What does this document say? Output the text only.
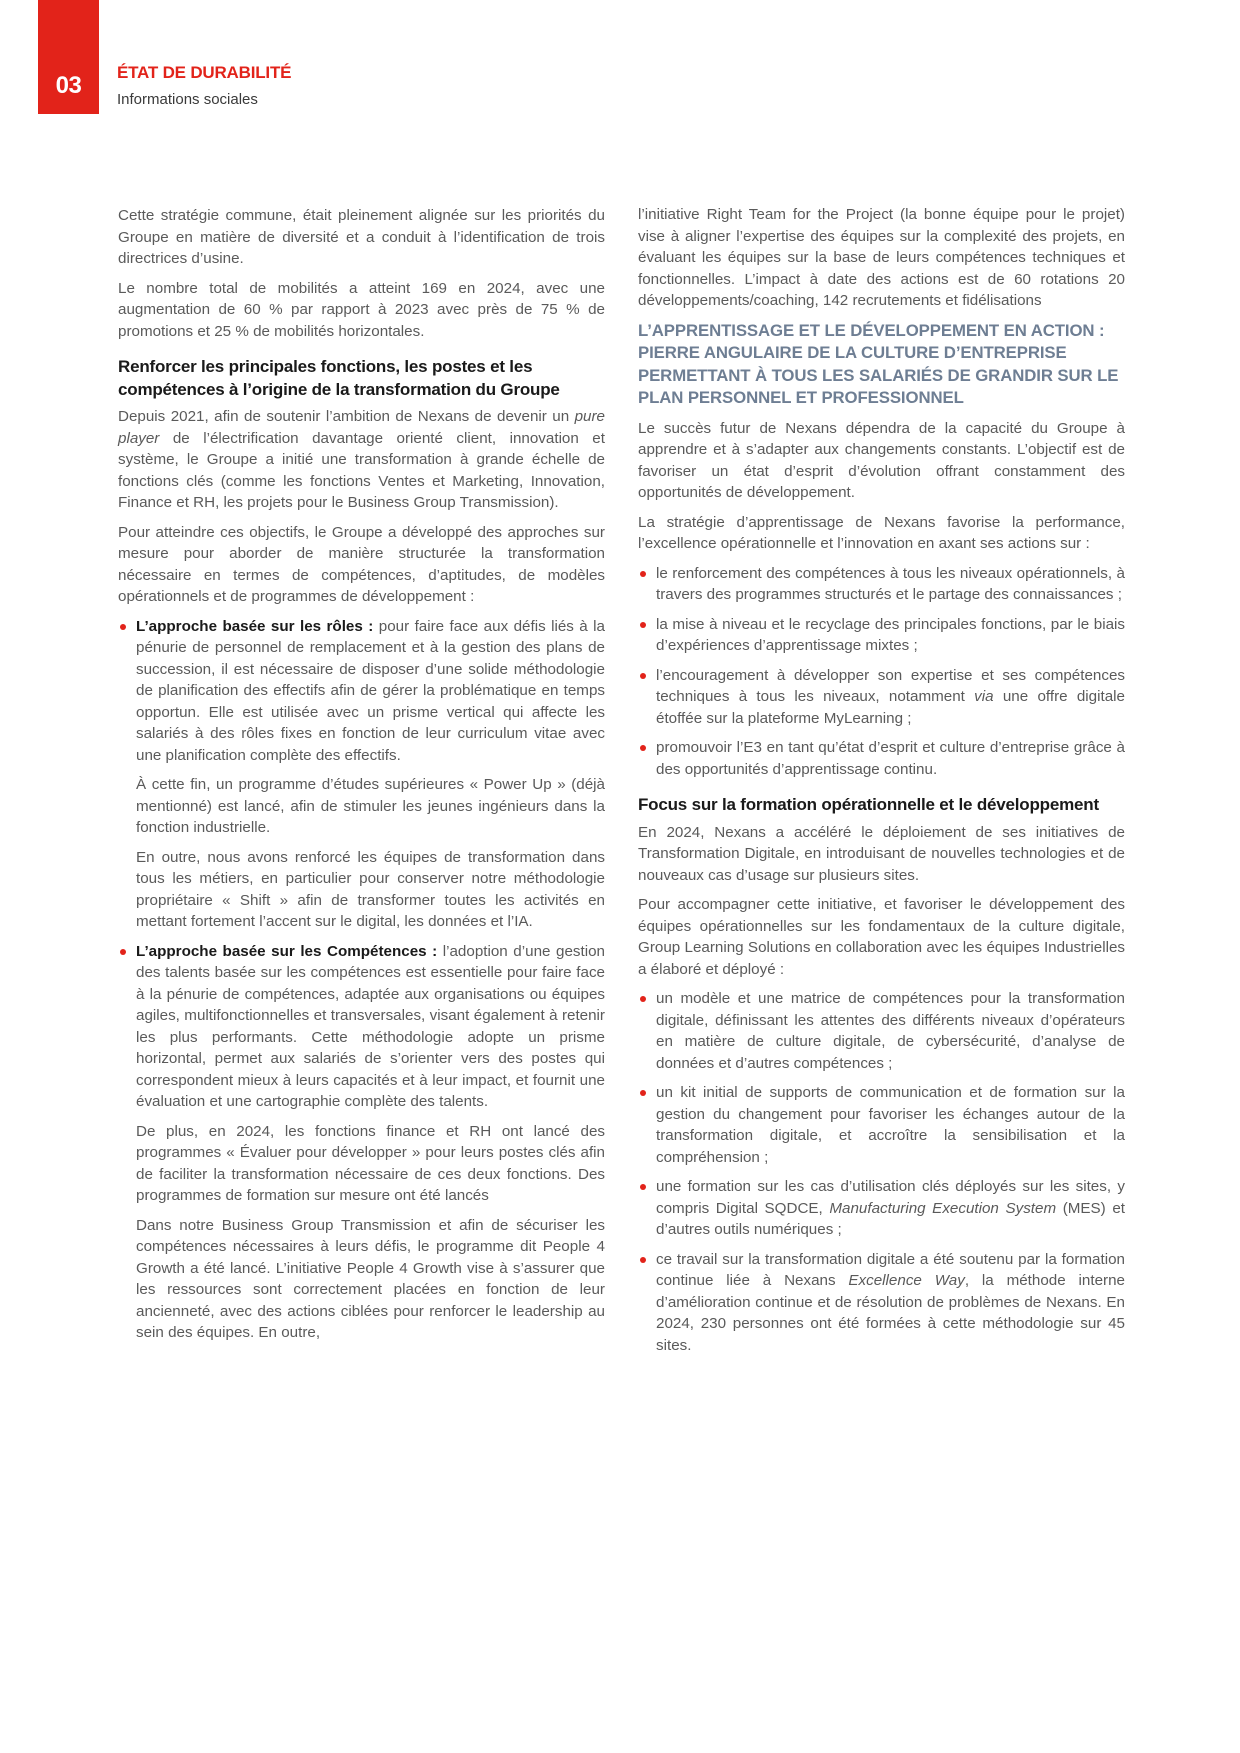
03	ÉTAT DE DURABILITÉ
Informations sociales

Cette stratégie commune, était pleinement alignée sur les priorités du Groupe en matière de diversité et a conduit à l’identification de trois directrices d’usine.

Le nombre total de mobilités a atteint 169 en 2024, avec une augmentation de 60 % par rapport à 2023 avec près de 75 % de promotions et 25 % de mobilités horizontales.

Renforcer les principales fonctions, les postes et les compétences à l’origine de la transformation du Groupe

Depuis 2021, afin de soutenir l’ambition de Nexans de devenir un pure player de l’électrification davantage orienté client, innovation et système, le Groupe a initié une transformation à grande échelle de fonctions clés (comme les fonctions Ventes et Marketing, Innovation, Finance et RH, les projets pour le Business Group Transmission).

Pour atteindre ces objectifs, le Groupe a développé des approches sur mesure pour aborder de manière structurée la transformation nécessaire en termes de compétences, d’aptitudes, de modèles opérationnels et de programmes de développement :

L’approche basée sur les rôles : pour faire face aux défis liés à la pénurie de personnel de remplacement et à la gestion des plans de succession, il est nécessaire de disposer d’une solide méthodologie de planification des effectifs afin de gérer la problématique en temps opportun. Elle est utilisée avec un prisme vertical qui affecte les salariés à des rôles fixes en fonction de leur curriculum vitae avec une planification complète des effectifs.

À cette fin, un programme d’études supérieures « Power Up » (déjà mentionné) est lancé, afin de stimuler les jeunes ingénieurs dans la fonction industrielle.

En outre, nous avons renforcé les équipes de transformation dans tous les métiers, en particulier pour conserver notre méthodologie propriétaire « Shift » afin de transformer toutes les activités en mettant fortement l’accent sur le digital, les données et l’IA.

L’approche basée sur les Compétences : l’adoption d’une gestion des talents basée sur les compétences est essentielle pour faire face à la pénurie de compétences, adaptée aux organisations ou équipes agiles, multifonctionnelles et transversales, visant également à retenir les plus performants. Cette méthodologie adopte un prisme horizontal, permet aux salariés de s’orienter vers des postes qui correspondent mieux à leurs capacités et à leur impact, et fournit une évaluation et une cartographie complète des talents.

De plus, en 2024, les fonctions finance et RH ont lancé des programmes « Évaluer pour développer » pour leurs postes clés afin de faciliter la transformation nécessaire de ces deux fonctions. Des programmes de formation sur mesure ont été lancés

Dans notre Business Group Transmission et afin de sécuriser les compétences nécessaires à leurs défis, le programme dit People 4 Growth a été lancé. L’initiative People 4 Growth vise à s’assurer que les ressources sont correctement placées en fonction de leur ancienneté, avec des actions ciblées pour renforcer le leadership au sein des équipes. En outre,

l’initiative Right Team for the Project (la bonne équipe pour le projet) vise à aligner l’expertise des équipes sur la complexité des projets, en évaluant les équipes sur la base de leurs compétences techniques et fonctionnelles. L’impact à date des actions est de 60 rotations 20 développements/coaching, 142 recrutements et fidélisations

L’APPRENTISSAGE ET LE DÉVELOPPEMENT EN ACTION : PIERRE ANGULAIRE DE LA CULTURE D’ENTREPRISE PERMETTANT À TOUS LES SALARIÉS DE GRANDIR SUR LE PLAN PERSONNEL ET PROFESSIONNEL

Le succès futur de Nexans dépendra de la capacité du Groupe à apprendre et à s’adapter aux changements constants. L’objectif est de favoriser un état d’esprit d’évolution offrant constamment des opportunités de développement.

La stratégie d’apprentissage de Nexans favorise la performance, l’excellence opérationnelle et l’innovation en axant ses actions sur :

le renforcement des compétences à tous les niveaux opérationnels, à travers des programmes structurés et le partage des connaissances ;
la mise à niveau et le recyclage des principales fonctions, par le biais d’expériences d’apprentissage mixtes ;
l’encouragement à développer son expertise et ses compétences techniques à tous les niveaux, notamment via une offre digitale étoffée sur la plateforme MyLearning ;
promouvoir l’E3 en tant qu’état d’esprit et culture d’entreprise grâce à des opportunités d’apprentissage continu.
Focus sur la formation opérationnelle et le développement

En 2024, Nexans a accéléré le déploiement de ses initiatives de Transformation Digitale, en introduisant de nouvelles technologies et de nouveaux cas d’usage sur plusieurs sites.

Pour accompagner cette initiative, et favoriser le développement des équipes opérationnelles sur les fondamentaux de la culture digitale, Group Learning Solutions en collaboration avec les équipes Industrielles a élaboré et déployé :

un modèle et une matrice de compétences pour la transformation digitale, définissant les attentes des différents niveaux d’opérateurs en matière de culture digitale, de cybersécurité, d’analyse de données et d’autres compétences ;
un kit initial de supports de communication et de formation sur la gestion du changement pour favoriser les échanges autour de la transformation digitale, et accroître la sensibilisation et la compréhension ;
une formation sur les cas d’utilisation clés déployés sur les sites, y compris Digital SQDCE, Manufacturing Execution System (MES) et d’autres outils numériques ;
ce travail sur la transformation digitale a été soutenu par la formation continue liée à Nexans Excellence Way, la méthode interne d’amélioration continue et de résolution de problèmes de Nexans. En 2024, 230 personnes ont été formées à cette méthodologie sur 45 sites.
